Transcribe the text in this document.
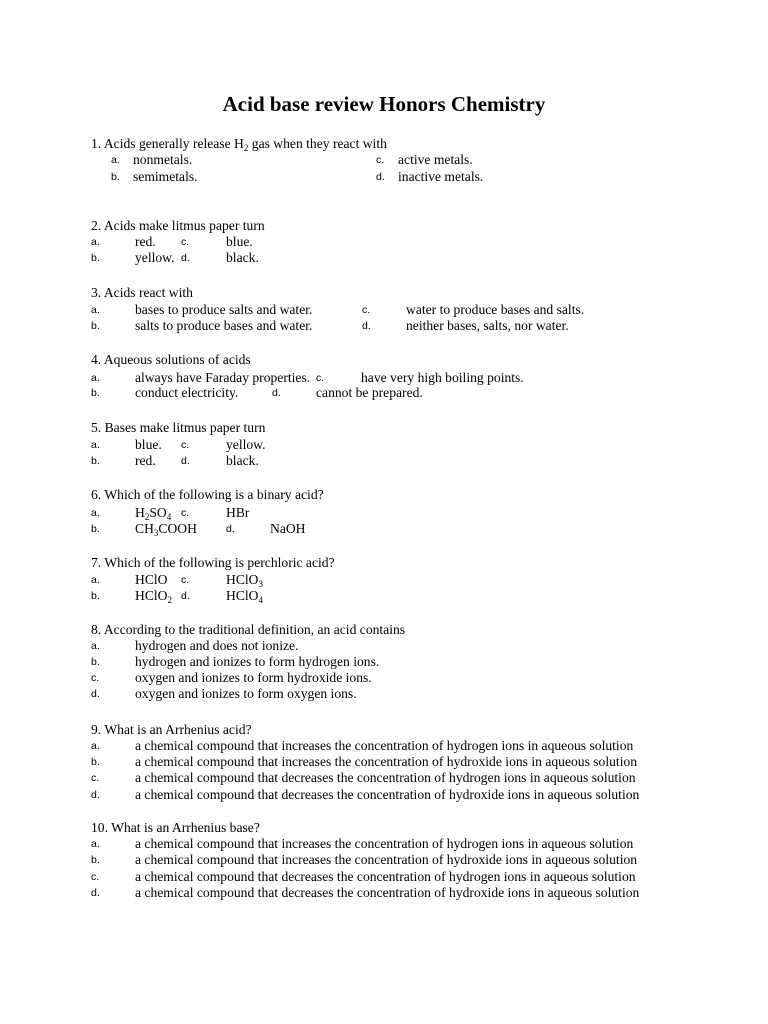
Acid base review Honors Chemistry
1. Acids generally release $H_2$ gas when they react with
a. nonmetals.	c. active metals.
b. semimetals.	d. inactive metals.
2. Acids make litmus paper turn
a.	red. c.	blue.
b.	yellow. d.	black.
3. Acids react with
a.	bases to produce salts and water.	c.	water to produce bases and salts.
b.	salts to produce bases and water.	d.	neither bases, salts, nor water.
4. Aqueous solutions of acids
a.	always have Faraday properties. c.	have very high boiling points.
b.	conduct electricity.	d.	cannot be prepared.
5. Bases make litmus paper turn
a.	blue. c.	yellow.
b.	red. d.	black.
6. Which of the following is a binary acid?
a.	$H_2SO_4$ c.	HBr
b.	$CH_3COOH$	d.	NaOH
7. Which of the following is perchloric acid?
a.	HClO c.	HClO$_3$
b.	HClO$_2$ d.	HClO$_4$
8. According to the traditional definition, an acid contains
a.	hydrogen and does not ionize.
b.	hydrogen and ionizes to form hydrogen ions.
c.	oxygen and ionizes to form hydroxide ions.
d.	oxygen and ionizes to form oxygen ions.
9. What is an Arrhenius acid?
a.	a chemical compound that increases the concentration of hydrogen ions in aqueous solution
b.	a chemical compound that increases the concentration of hydroxide ions in aqueous solution
c.	a chemical compound that decreases the concentration of hydrogen ions in aqueous solution
d.	a chemical compound that decreases the concentration of hydroxide ions in aqueous solution
10. What is an Arrhenius base?
a.	a chemical compound that increases the concentration of hydrogen ions in aqueous solution
b.	a chemical compound that increases the concentration of hydroxide ions in aqueous solution
c.	a chemical compound that decreases the concentration of hydrogen ions in aqueous solution
d.	a chemical compound that decreases the concentration of hydroxide ions in aqueous solution
